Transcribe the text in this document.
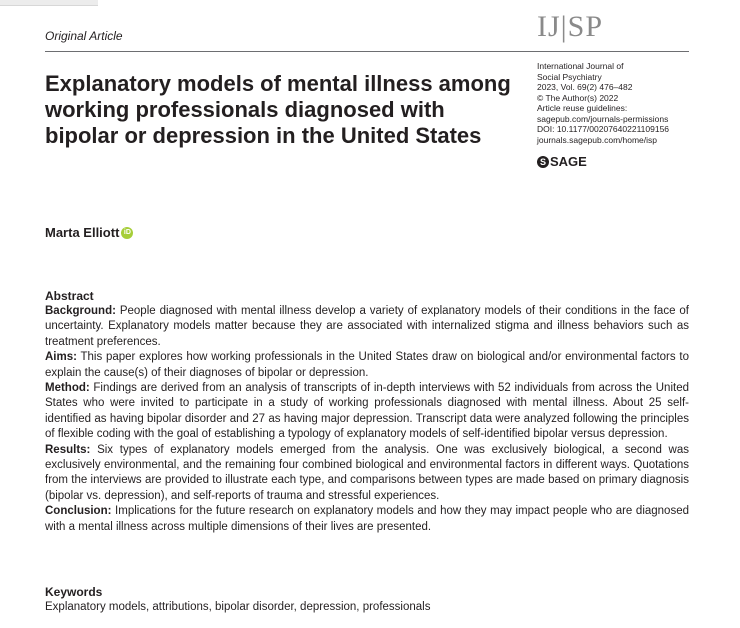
Original Article	IJ|SP
Explanatory models of mental illness among working professionals diagnosed with bipolar or depression in the United States
International Journal of
Social Psychiatry
2023, Vol. 69(2) 476–482
© The Author(s) 2022
Article reuse guidelines:
sagepub.com/journals-permissions
DOI: 10.1177/00207640221109156
journals.sagepub.com/home/isp
S SAGE
Marta Elliott iD
Abstract

Background: People diagnosed with mental illness develop a variety of explanatory models of their conditions in the face of uncertainty. Explanatory models matter because they are associated with internalized stigma and illness behaviors such as treatment preferences.

Aims: This paper explores how working professionals in the United States draw on biological and/or environmental factors to explain the cause(s) of their diagnoses of bipolar or depression.

Method: Findings are derived from an analysis of transcripts of in-depth interviews with 52 individuals from across the United States who were invited to participate in a study of working professionals diagnosed with mental illness. About 25 self-identified as having bipolar disorder and 27 as having major depression. Transcript data were analyzed following the principles of flexible coding with the goal of establishing a typology of explanatory models of self-identified bipolar versus depression.

Results: Six types of explanatory models emerged from the analysis. One was exclusively biological, a second was exclusively environmental, and the remaining four combined biological and environmental factors in different ways. Quotations from the interviews are provided to illustrate each type, and comparisons between types are made based on primary diagnosis (bipolar vs. depression), and self-reports of trauma and stressful experiences.

Conclusion: Implications for the future research on explanatory models and how they may impact people who are diagnosed with a mental illness across multiple dimensions of their lives are presented.

Keywords
Explanatory models, attributions, bipolar disorder, depression, professionals
